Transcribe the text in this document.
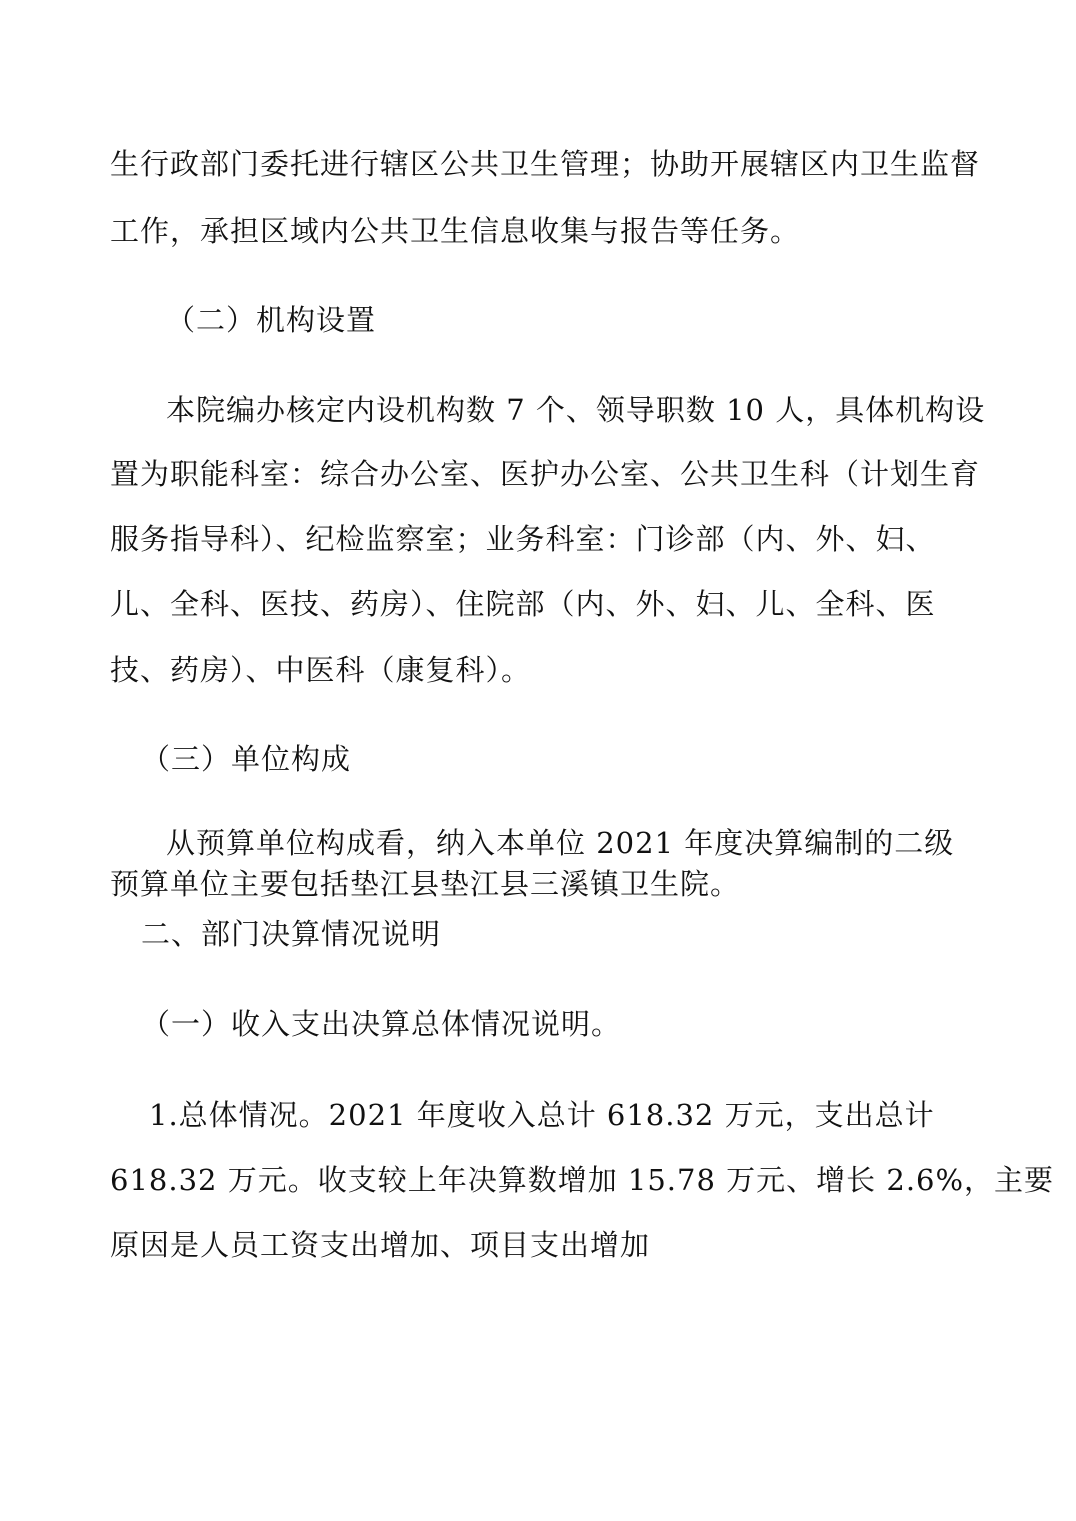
生行政部门委托进行辖区公共卫生管理；协助开展辖区内卫生监督
工作，承担区域内公共卫生信息收集与报告等任务。
（二）机构设置
本院编办核定内设机构数 7 个、领导职数 10 人，具体机构设
置为职能科室：综合办公室、医护办公室、公共卫生科（计划生育
服务指导科）、纪检监察室；业务科室：门诊部（内、外、妇、
儿、全科、医技、药房）、住院部（内、外、妇、儿、全科、医
技、药房）、中医科（康复科）。
（三）单位构成
从预算单位构成看，纳入本单位 2021 年度决算编制的二级
预算单位主要包括垫江县垫江县三溪镇卫生院。
二、部门决算情况说明
（一）收入支出决算总体情况说明。
1.总体情况。2021 年度收入总计 618.32 万元，支出总计
618.32 万元。收支较上年决算数增加 15.78 万元、增长 2.6%，主要
原因是人员工资支出增加、项目支出增加
